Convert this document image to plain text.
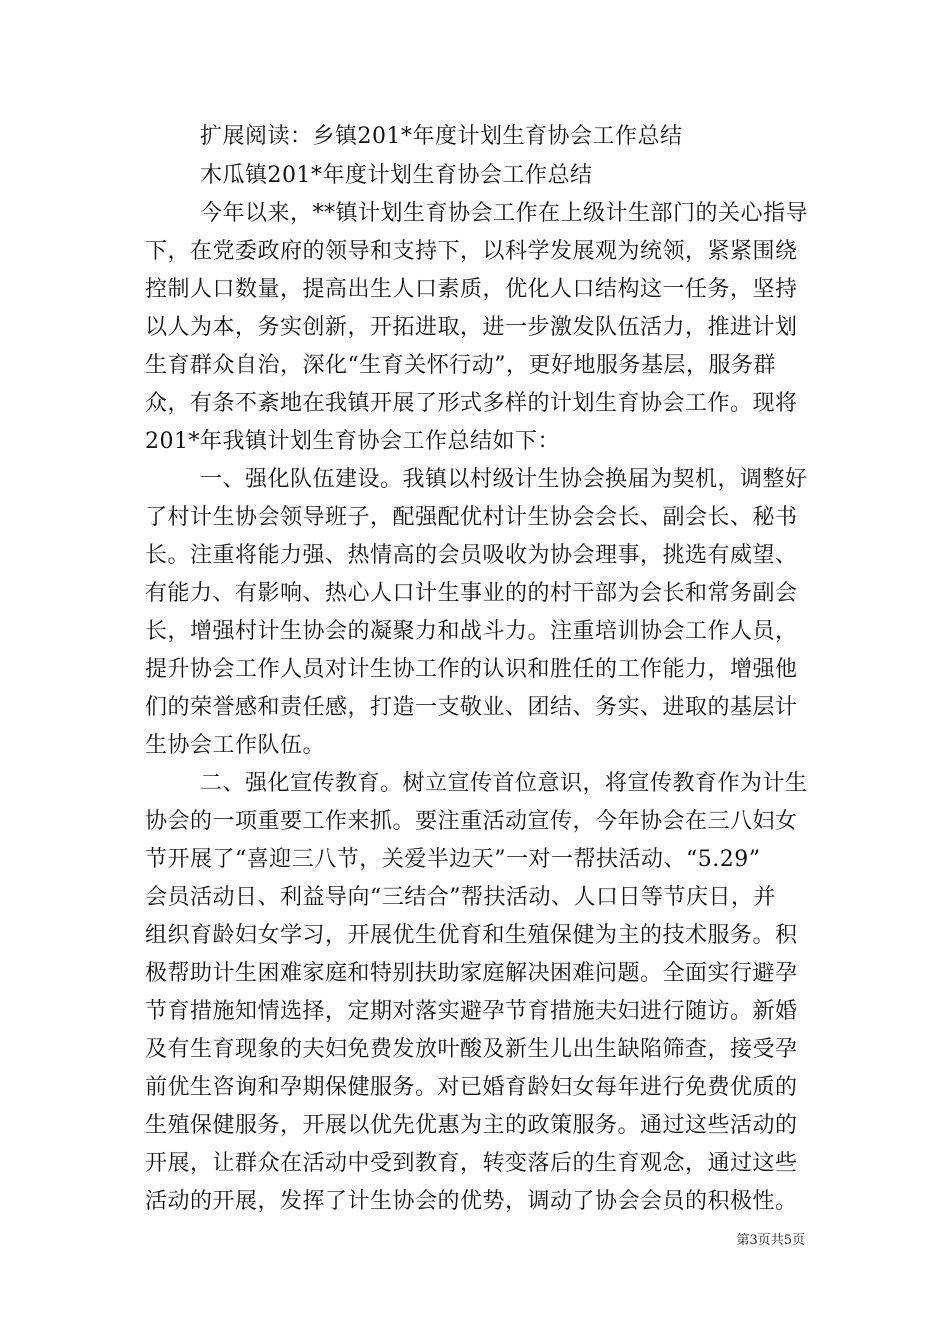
扩展阅读：乡镇201*年度计划生育协会工作总结
木瓜镇201*年度计划生育协会工作总结
今年以来，**镇计划生育协会工作在上级计生部门的关心指导
下，在党委政府的领导和支持下，以科学发展观为统领，紧紧围绕
控制人口数量，提高出生人口素质，优化人口结构这一任务，坚持
以人为本，务实创新，开拓进取，进一步激发队伍活力，推进计划
生育群众自治，深化“生育关怀行动”，更好地服务基层，服务群
众，有条不紊地在我镇开展了形式多样的计划生育协会工作。现将
201*年我镇计划生育协会工作总结如下：
一、强化队伍建设。我镇以村级计生协会换届为契机，调整好
了村计生协会领导班子，配强配优村计生协会会长、副会长、秘书
长。注重将能力强、热情高的会员吸收为协会理事，挑选有威望、
有能力、有影响、热心人口计生事业的的村干部为会长和常务副会
长，增强村计生协会的凝聚力和战斗力。注重培训协会工作人员，
提升协会工作人员对计生协工作的认识和胜任的工作能力，增强他
们的荣誉感和责任感，打造一支敬业、团结、务实、进取的基层计
生协会工作队伍。
二、强化宣传教育。树立宣传首位意识，将宣传教育作为计生
协会的一项重要工作来抓。要注重活动宣传，今年协会在三八妇女
节开展了“喜迎三八节，关爱半边天”一对一帮扶活动、“5.29”
会员活动日、利益导向“三结合”帮扶活动、人口日等节庆日，并
组织育龄妇女学习，开展优生优育和生殖保健为主的技术服务。积
极帮助计生困难家庭和特别扶助家庭解决困难问题。全面实行避孕
节育措施知情选择，定期对落实避孕节育措施夫妇进行随访。新婚
及有生育现象的夫妇免费发放叶酸及新生儿出生缺陷筛查，接受孕
前优生咨询和孕期保健服务。对已婚育龄妇女每年进行免费优质的
生殖保健服务，开展以优先优惠为主的政策服务。通过这些活动的
开展，让群众在活动中受到教育，转变落后的生育观念，通过这些
活动的开展，发挥了计生协会的优势，调动了协会会员的积极性。
第3页共5页
